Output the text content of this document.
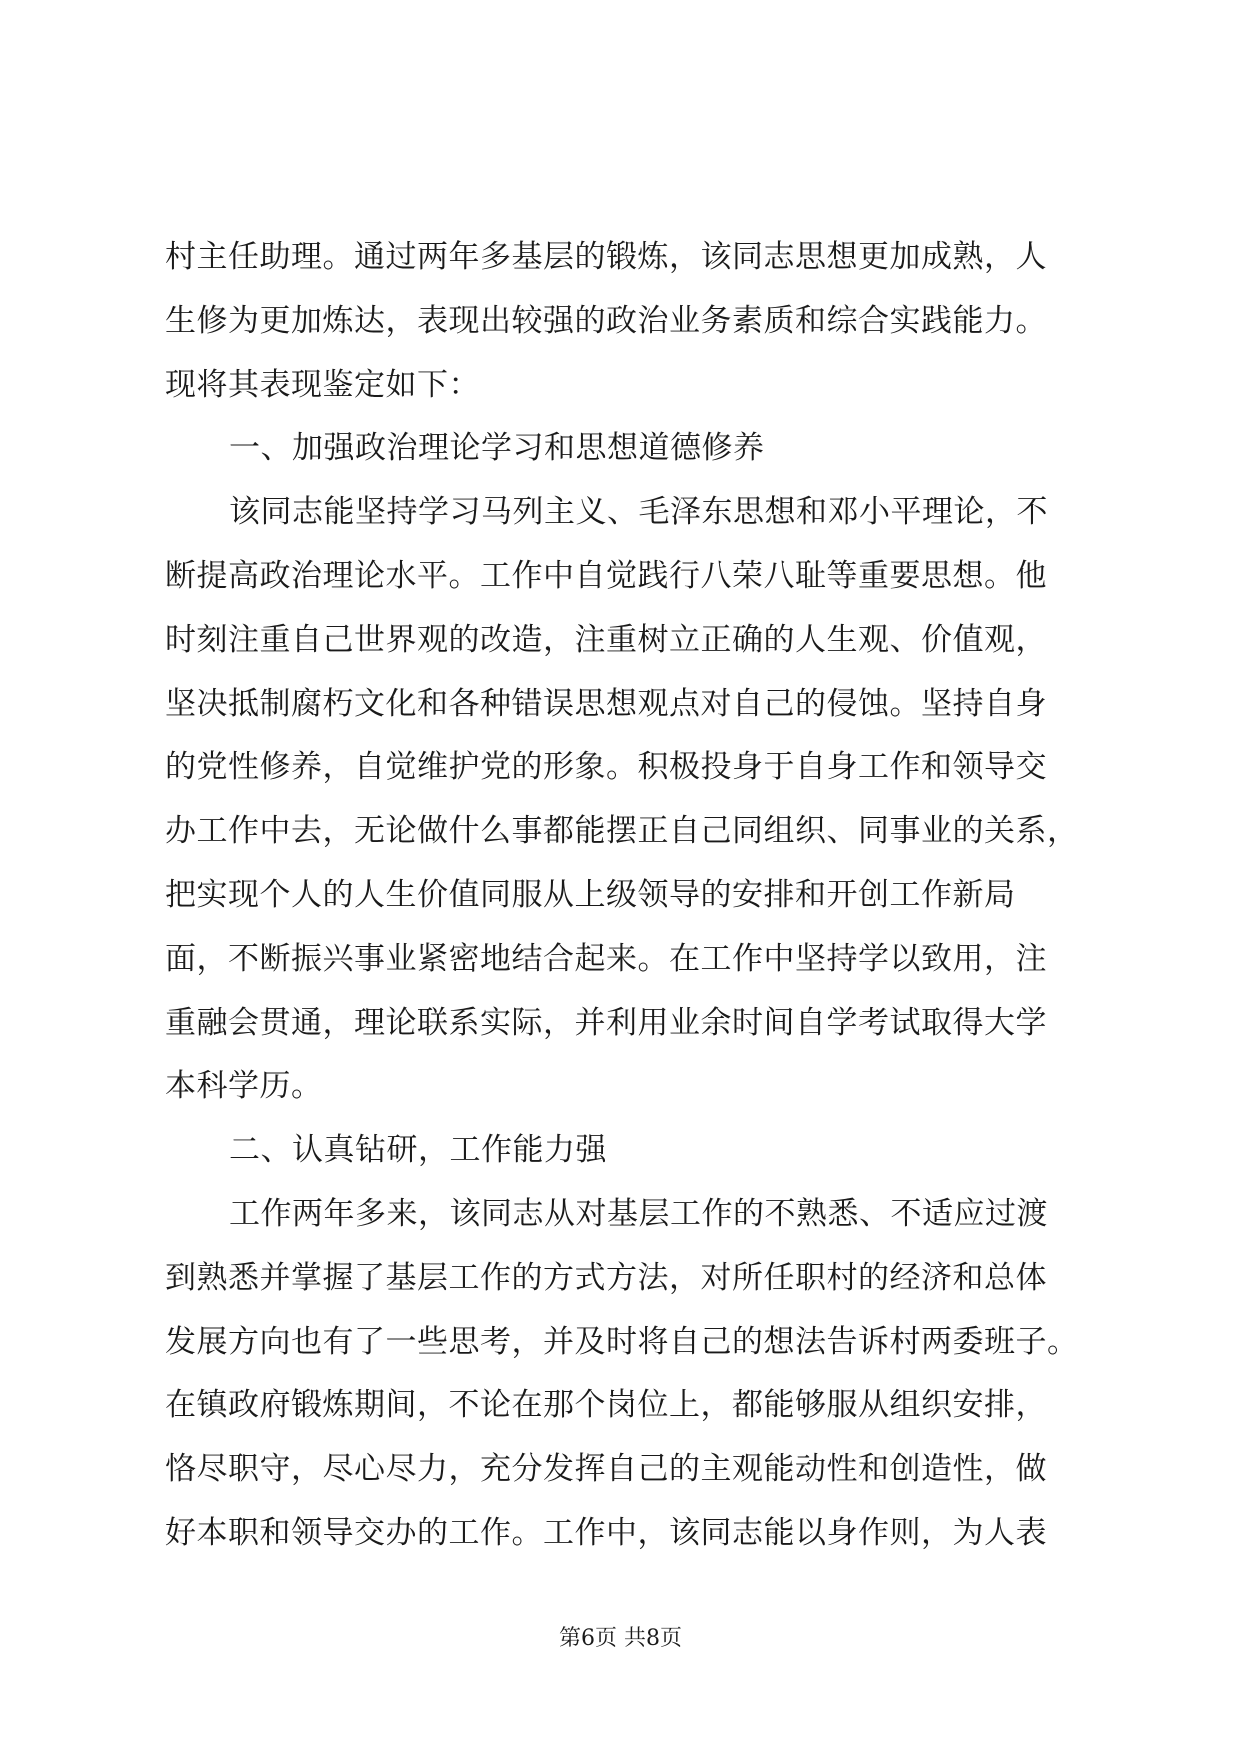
村主任助理。通过两年多基层的锻炼，该同志思想更加成熟，人
生修为更加炼达，表现出较强的政治业务素质和综合实践能力。
现将其表现鉴定如下：
一、加强政治理论学习和思想道德修养
该同志能坚持学习马列主义、毛泽东思想和邓小平理论，不
断提高政治理论水平。工作中自觉践行八荣八耻等重要思想。他
时刻注重自己世界观的改造，注重树立正确的人生观、价值观，
坚决抵制腐朽文化和各种错误思想观点对自己的侵蚀。坚持自身
的党性修养，自觉维护党的形象。积极投身于自身工作和领导交
办工作中去，无论做什么事都能摆正自己同组织、同事业的关系，
把实现个人的人生价值同服从上级领导的安排和开创工作新局
面，不断振兴事业紧密地结合起来。在工作中坚持学以致用，注
重融会贯通，理论联系实际，并利用业余时间自学考试取得大学
本科学历。
二、认真钻研，工作能力强
工作两年多来，该同志从对基层工作的不熟悉、不适应过渡
到熟悉并掌握了基层工作的方式方法，对所任职村的经济和总体
发展方向也有了一些思考，并及时将自己的想法告诉村两委班子。
在镇政府锻炼期间，不论在那个岗位上，都能够服从组织安排，
恪尽职守，尽心尽力，充分发挥自己的主观能动性和创造性，做
好本职和领导交办的工作。工作中，该同志能以身作则，为人表
第6页 共8页
